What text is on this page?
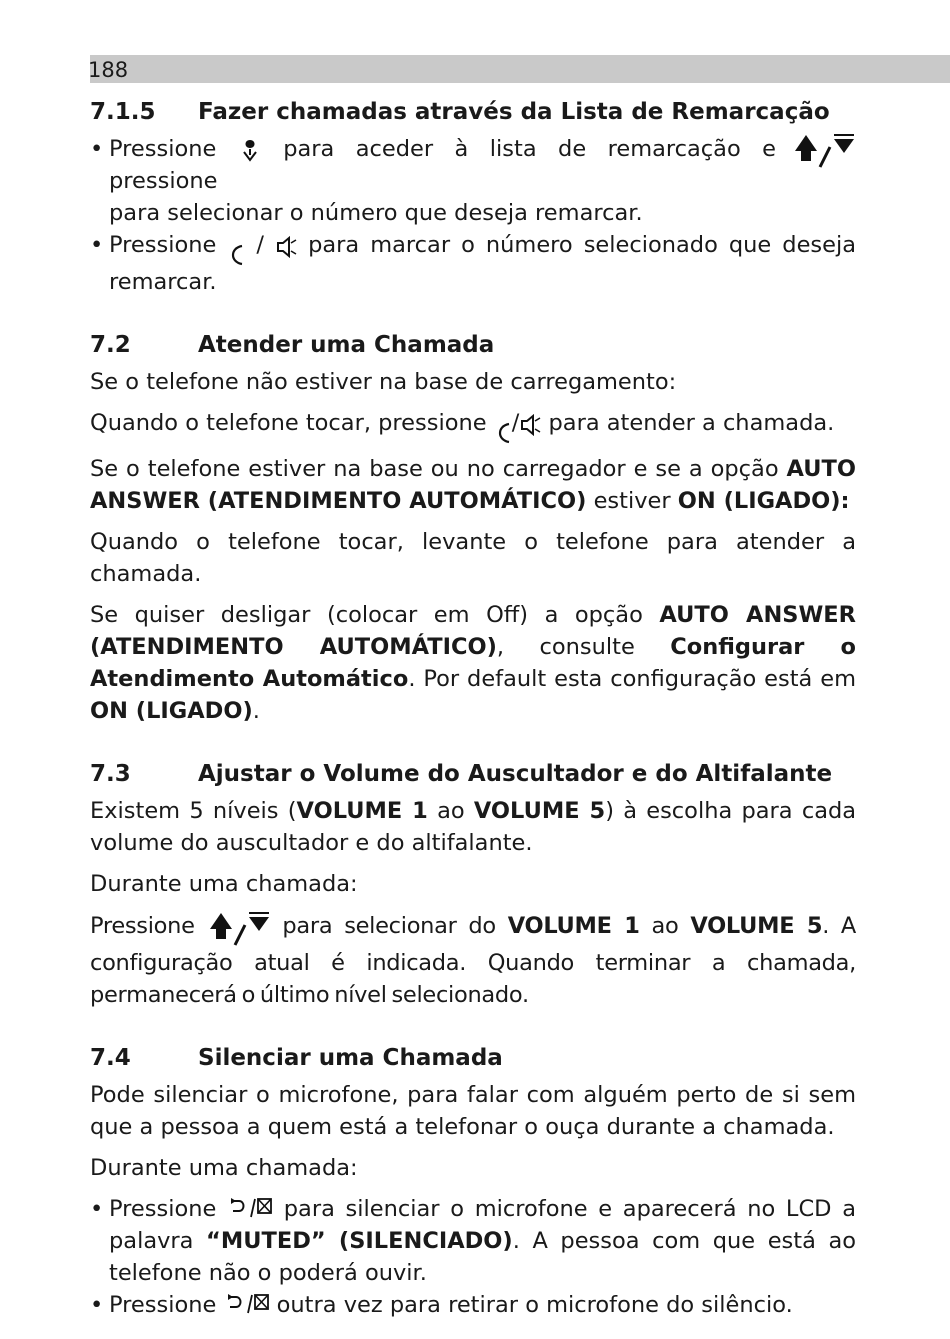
188
7.1.5 Fazer chamadas através da Lista de Remarcação
• Pressione	para aceder à lista de remarcação e pressione

para selecionar o número que deseja remarcar.
• Pressione / para marcar o número selecionado que deseja remarcar.
7.2	Atender uma Chamada

Se o telefone não estiver na base de carregamento:

Quando o telefone tocar, pressione / para atender a chamada.

Se o telefone estiver na base ou no carregador e se a opção AUTO ANSWER (ATENDIMENTO AUTOMÁTICO) estiver ON (LIGADO):

Quando o telefone tocar, levante o telefone para atender a chamada.

Se quiser desligar (colocar em Off) a opção AUTO ANSWER (ATENDIMENTO AUTOMÁTICO), consulte Configurar o Atendimento Automático. Por default esta configuração está em ON (LIGADO).

7.3	Ajustar o Volume do Auscultador e do Altifalante

Existem 5 níveis (VOLUME 1 ao VOLUME 5) à escolha para cada volume do auscultador e do altifalante.

Durante uma chamada:

Pressione	para selecionar do VOLUME 1 ao VOLUME 5. A configuração atual é indicada. Quando terminar a chamada, permanecerá o último nível selecionado.

7.4	Silenciar uma Chamada

Pode silenciar o microfone, para falar com alguém perto de si sem que a pessoa a quem está a telefonar o ouça durante a chamada.

Durante uma chamada:

• Pressione	para silenciar o microfone e aparecerá no LCD a palavra “MUTED” (SILENCIADO). A pessoa com que está ao telefone não o poderá ouvir.
• Pressione	outra vez para retirar o microfone do silêncio.
